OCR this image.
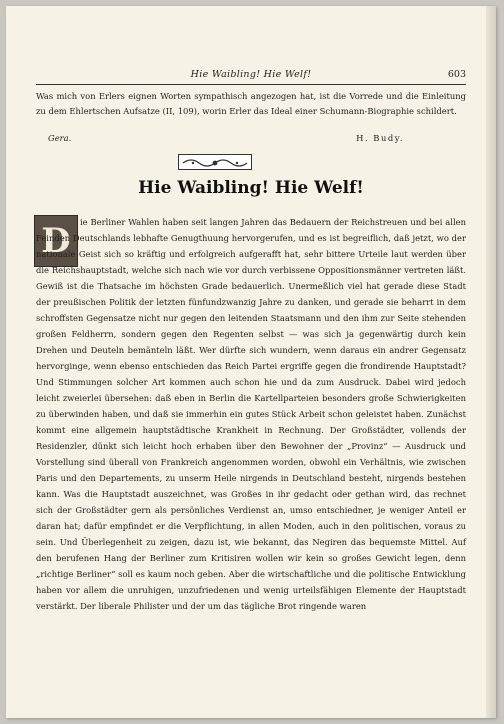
Hie Waibling! Hie Welf!	603
Was mich von Erlers eignen Worten sympathisch angezogen hat, ist die Vorrede und die Einleitung zu dem Ehlertschen Aufsatze (II, 109), worin Erler das Ideal einer Schumann-Biographie schildert.
Gera.	H. Budy.
Hie Waibling! Hie Welf!
D	ie Berliner Wahlen haben seit langen Jahren das Bedauern der Reichstreuen und bei allen Feinden Deutschlands lebhafte Genugthuung hervorgerufen, und es ist begreiflich, daß jetzt, wo der nationale Geist sich so kräftig und erfolgreich aufgerafft hat, sehr bittere Urteile laut werden über die Reichshauptstadt, welche sich nach wie vor durch verbissene Oppositionsmänner vertreten läßt. Gewiß ist die Thatsache im höchsten Grade bedauerlich. Unermeßlich viel hat gerade diese Stadt der preußischen Politik der letzten fünfundzwanzig Jahre zu danken, und gerade sie beharrt in dem schroffsten Gegensatze nicht nur gegen den leitenden Staatsmann und den ihm zur Seite stehenden großen Feldherrn, sondern gegen den Regenten selbst — was sich ja gegenwärtig durch kein Drehen und Deuteln bemänteln läßt. Wer dürfte sich wundern, wenn daraus ein andrer Gegensatz hervorginge, wenn ebenso entschieden das Reich Partei ergriffe gegen die frondirende Hauptstadt? Und Stimmungen solcher Art kommen auch schon hie und da zum Ausdruck. Dabei wird jedoch leicht zweierlei übersehen: daß eben in Berlin die Kartellparteien besonders große Schwierigkeiten zu überwinden haben, und daß sie immerhin ein gutes Stück Arbeit schon geleistet haben. Zunächst kommt eine allgemein hauptstädtische Krankheit in Rechnung. Der Großstädter, vollends der Residenzler, dünkt sich leicht hoch erhaben über den Bewohner der „Provinz“ — Ausdruck und Vorstellung sind überall von Frankreich angenommen worden, obwohl ein Verhältnis, wie zwischen Paris und den Departements, zu unserm Heile nirgends in Deutschland besteht, nirgends bestehen kann. Was die Hauptstadt auszeichnet, was Großes in ihr gedacht oder gethan wird, das rechnet sich der Großstädter gern als persönliches Verdienst an, umso entschiedner, je weniger Anteil er daran hat; dafür empfindet er die Verpflichtung, in allen Moden, auch in den politischen, voraus zu sein. Und Überlegenheit zu zeigen, dazu ist, wie bekannt, das Negiren das bequemste Mittel. Auf den berufenen Hang der Berliner zum Kritisiren wollen wir kein so großes Gewicht legen, denn „richtige Berliner“ soll es kaum noch geben. Aber die wirtschaftliche und die politische Entwicklung haben vor allem die unruhigen, unzufriedenen und wenig urteilsfähigen Elemente der Hauptstadt verstärkt. Der liberale Philister und der um das tägliche Brot ringende waren
